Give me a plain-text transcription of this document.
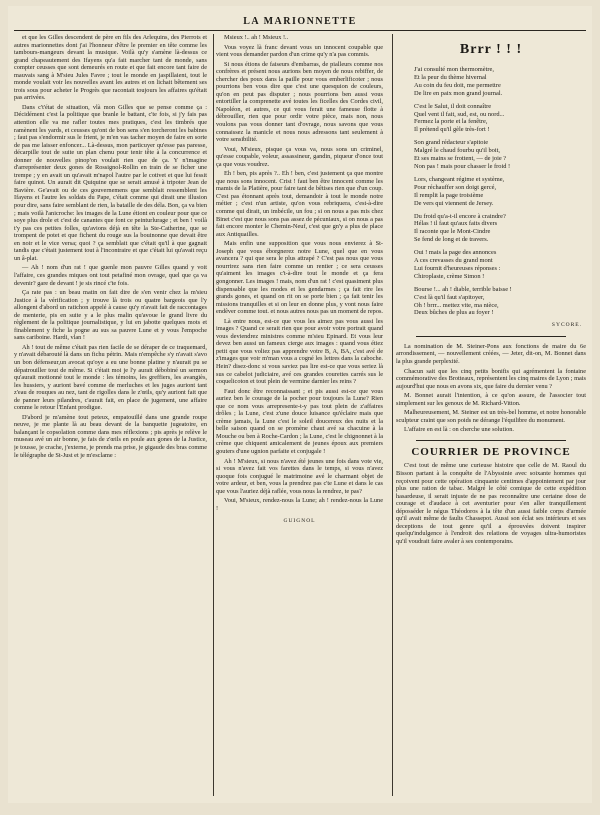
LA MARIONNETTE

et que les Gilles descendent de père en fils des Arlequins, des Pierrots et autres marionnettes dont j'ai l'honneur d'être le premier en tête comme les tambours-mangeurs devant la musique. Voilà qu'y s'amène là-dessus ce grand chapeautement des Ifayens qu'a fait marcher tant de monde, sans compter ceusses que sont demeurés en route et que fait encore tant faire de mauvais sang à M'sieu Jules Favre ; tout le monde en jaspillaient, tout le monde voulait voir les nouvelles avant les autres et on lichait bêtement ses trois sous pour acheter le Progrès que racontait toujours les affaires qu'était pas arrivées.

Dans c't'état de situation, vlà mon Gilles que se pense comme ça : Décidément c'est la politique que branle le battant, c'te fois, si j'y fais pas attention elle va me rafler toutes mes pratiques, c'est les timbrés que ramènent les yards, et ceusses qu'ont de bon sens s'en torcheront les babines ; faut pas s'endormir sus le frient, je m'en vas tacher moyen de faire en sorte de pas me laisser enfoncer... Là-dessus, mon particuyer qu'esse pas paresse, décarpille tout de suite un plan chenu pour tenir tête à la concurrence et donner de nouvelles pinop'on voulait rien que de ça. Y n'imagine d'arreprésenter deux gones de Rossignol-Rollin en train de se ficher une trempe ; y en avait un qu'avait m'napol l'autre par le cotivet et que lui fessit faire quinot. Un aurait dit Quiquine que se serait amusé à tripoter Jean de Bavière. Ge'avait ou de ces gouvernemens que semblait ressemblent les Ifayens et l'autre les soldats du Pape, c'était comme qui dirait une illusion pour dire, sans faire semblant de rien, la bataille de des déla. Bon, ça va bien ; mais voilà l'anicroche: les images de la Lune étiont en couleur pour que ce soye plus drole et c'est de canantes que font ce peinturlurage ; et ben ! voilà t'y pas ces petites folles, qu'avions déjà en tête la Ste-Catherine, que se trompent de potet et que fichent du rouge sus la bouinonne que devait être en noir et le vice versa; quoi ? ça semblait que c'était qu'il à que gagnait tandis que c'était justement tout à l'incontraire et que c'était lui qu'avait reçu un â-plat.

— Ah ! nom d'un rat ! que guenle mon pauvre Gilles quand y voit l'affaire, ces grandes miques ont tout petafiné mon ovrage, quel que ça va devenir? gare de devant ! je sis rincé c'te fois.

Ça rate pas : un beau matin on fait dire de s'en venir chez la m'sieu Justice à la vérification ; y trouve là trois ou quatre bargeois que l'y allongent d'abord un ratichon appelé à cause qu'y n'avait fait de raccontages de menterie, pis en suite y a le plus malin qu'avoue le grand livre du règlement de la politique journalistique, y lui en jabotte quelques mots et finablement y fiche la pogne au sus sa pauvre Lune et y vous l'empoche sans cariboine. Hardi, vlan !

Ah ! tout de même c'était pas rien facile de se déraper de ce traquemard, y n'avait débarouté là dans un fichu pétrin. Mais n'empêche s'y n'avait s'avo un bon défenseur,un avocat qu'oye a eu une bonne platine y n'aurait pu se dépatrouiller tout de même. Si c'était moi je l'y aurait débobiné un sermon qu'aurait motionné tout le monde : les témoins, les greffiers, les avangiès, les hussiers, y auriont bavé comme de merluches et les juges auriont tant z'eau de rouques au nez, tant de rigolles dans le z'œils, qu'y auriont fait que de panner leurs pilandres, c'aurait fait, en place de jugement, une affaire comme le retour l'Enfant prodigue.

D'abord je m'amène tout peteux, empatouillé dans une grande roupe neuve, je me plante là au beau devant de la banquette jugeatoire, en balançant le copsolation comme dans mes réflexions ; pis après je relève le museau avé un air bonne, je fais de z'œils en poule aux gones de la Justice, je tousse, je crache, j'externe, je prends ma prise, je gigaude des bras comme le télégraphe de St-Just et je m'esclame :

Msieux !.. ah ! Msieux !..

Vous voyez là franc devant vous un innocent coupable que vient vous demander pardon d'un crime qu'y n'a pas commis.

Si nous étions de faiseurs d'embarras, de pialleurs comme nos confrères et présent nous aurions ben moyen de nous rebiffer, de chercher des poux dans la paille pour vous emberlificoter ; nous pourrions ben vous dire que c'est une quesquion de couleurs, qu'on en peut pas disputer ; nous pourrions ben aussi vous entortiller la comprenette avé toutes les ficelles des Cordes civil, Napoléon, et autres, ce qui vous ferait une fameuse flotte à débrouiller, rien que pour ordir votre pièce, mais non, nous voulons pas vous donner tant d'ovrage, nous savons que vous connaissez la manicle et nous nous adressons tant seulement à votre sensibilité.

Voui, M'sieux, pisque ça vous va, nous sons un criminel, qu'esse coupable, voleur, assassineur, gandin, piqueur d'once tout ça que vous voudrez.

Eh ! ben, pis après ?.. Eh ! ben, c'est justement ça que montre que nous sons innocent. Crist ! faut ben être innocent comme les mamis de la Platière, pour faire tant de bêtises rien que d'un coup. C'est pas étonnant après tout, demandoir à tout le monde notre métier ; c'est n'un artiste, qu'on vous rebriquera, c'est-à-dire comme qui dirait, un imbécile, un fou ; si on nous a pas mis chez Binet c'est que nous sons pas assez de pécuniaux, si on nous a pas fait encore monter le Chemin-Neuf, c'est que gn'y a plus de place aux Antiquailles.

Mais enfin une supposition que vous nous envierez à St-Joseph que vous éborgnerez notre Lune, quel que en vous avancera ? qui que sera le plus attrapé ? C'est pas nous que vous nourrirez sans rien faire comme un rentier ; ce sera ceusses qu'aiment les images c't-à-dire tout le monde et ça fera gongonner. Les images ! mais, nom d'un rat ! c'est quasiment plus dispensable que les modes et les gendarmes ; ça fait rire les grands gones, et quand on rit on se porte bien ; ça fait tenir les missions tranquilles et si on leur en donne plus, y vont nous faire endêver comme tout. et nous autres nous pas un moment de repos.

Là entre nous, est-ce que vous les aimez pas vous aussi les images ? Quand ce serait rien que pour avoir votre portrait quand vous deviendrez ministres comme m'sieu Epinard. Et vous leur devez ben aussi un fameux cierge aux images : quand vous étiez petit que vous voliez pas apprendre votre B, A, BA, c'est avé de z'images que voir m'man vous a cogné les lettres dans la caboche. Hein? disez-donc si vous saviez pas lire est-ce que vous seriez là sus ce cabelot judiciaire, avé ces grandes courettes carrés sus le coquelicoton et tout plein de vermine darnier les reins ?

Faut donc être reconnaissant ; et pis aussi est-ce que vous auriez ben le courage de la pocher pour toujours la Lune? Rien que ce nom vous arrepresente-t-y pas tout plein de z'affaires drôles ; la Lune, c'est z'une douce luisance qu'éclaire mais que crème jamais, la Lune c'est le soleil doucereux des nuits et la belle saison quand on se promène chaut avé sa chacuine à la Mouche ou ben à Roche-Cardon ; la Lune, c'est le chignonnet à la crème que chiquent amicalement de jeunes époux aux premiers gouters d'une ugnion parfaite et conjugale !

Ah ! M'sieux, si nous n'avez été jeunes une fois dans vote vie, si vous n'avez fait vos farettes dans le temps, si vous n'avez quoque fois conjugué le matrimoine avé le charmant objet de votre ardeur, et ben, vous la prendrez pas c'te Lune et dans le cas que vous l'auriez déjà raflée, vous nous la rendrez, te pas?

Voui, M'sieux, rendez-nous la Lune; ah ! rendez-nous la Lune !

GUIGNOL
Brrr ! ! !
J'ai consulté mon thermomètre,
Et la peur du thème hivernal
Au coin du feu doit, me permettre
De lire en paix mon grand journal.
C'est le Salut, il doit connaître
Quel vent il fait, sud, est, ou nord...
Fermez la porte et la fenêtre,
Il prétend qu'il gèle très-fort !
Son grand rédacteur s'apitoie
Malgré le chaud fourbu qu'il boit,
Et ses mains se frottent, — de joie ?
Non pas ! mais pour chasser le froid !
Lors, changeant régime et système,
Pour réchauffer son doigt gercé,
Il remplit la page troisième
De vers qui viennent de Jersey.
Du froid qu'a-t-il encore à craindre?
Hélas ! il faut qu'aux faits divers
Il raconte que le Mont-Cindre
Se fend de long et de travers.
Oui ! mais la page des annonces
A ces crevasses du grand mont
Lui fournit d'heureuses réponses :
Chiroplaste, crème Simon !
Bourse !... ah ! diable, terrible baisse !
C'est là qu'il faut s'apitoyer,
Oh ! brrr... mettez vite, ma nièce,
Deux bûches de plus au foyer !
SYCORE.

La nomination de M. Steiner-Pons aux fonctions de maire du 6e arrondissement, — nouvellement créées, — Jeter, dit-on, M. Bonnet dans la plus grande perplexité.

Chacun sait que les cinq petits bonifis qui agrémentent la fontaine commémorative des Brotteaux, représentent les cinq maires de Lyon ; mais aujourd'hui que nous en avons six, que faire du dernier venu ?

M. Bonnet aurait l'intention, à ce qu'on assure, de l'associer tout simplement sur les genoux de M. Richard-Vitton.

Malheureusement, M. Steiner est un très-bel homme, et notre honorable sculpteur craint que son poids ne dérange l'équilibre du monument.

L'affaire en est là : on cherche une solution.

COURRIER DE PROVINCE

C'est tout de même une curieuse histoire que celle de M. Raoul du Bisson partant à la conquête de l'Abyssinie avec soixante hommes qui reçoivent pour cette opération cinquante centimes d'appointement par jour plus une ration de tabac. Malgré le côté comique de cette expédition hasardeuse, il serait injuste de ne pas reconnaître une certaine dose de courage et d'audace à cet aventurier pour s'en aller tranquillement déposséder le négus Théodoros à la tête d'un aussi faible corps d'armée qu'il avait même de faults Chassepot. Aussi son éclat ses intérieurs et ses deceptions de tout genre qu'il a éprouvées doivent inspirer quelqu'indulgence à l'endroit des relations de voyages ultra-humoristes qu'il voudrait faire avaler à ses contemporains.
